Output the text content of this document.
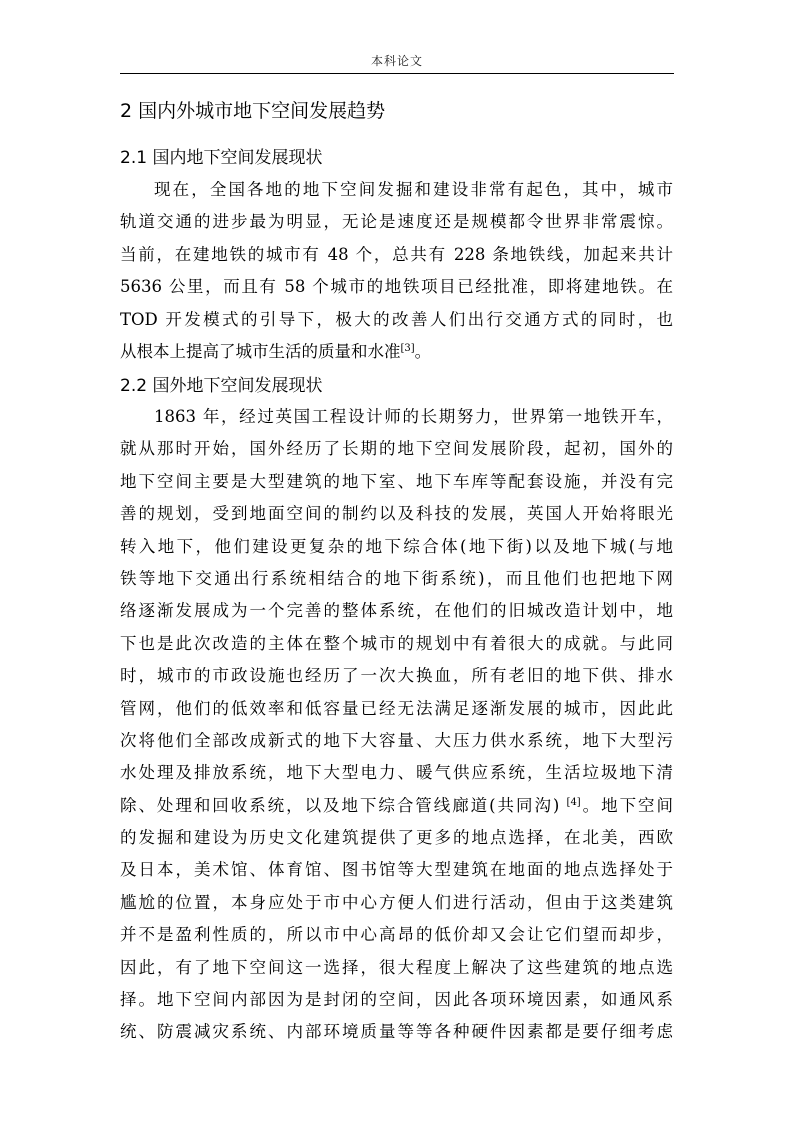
本科论文
2 国内外城市地下空间发展趋势
2.1 国内地下空间发展现状
现在，全国各地的地下空间发掘和建设非常有起色，其中，城市
轨道交通的进步最为明显，无论是速度还是规模都令世界非常震惊。
当前，在建地铁的城市有 48 个，总共有 228 条地铁线，加起来共计
5636 公里，而且有 58 个城市的地铁项目已经批准，即将建地铁。在
TOD 开发模式的引导下，极大的改善人们出行交通方式的同时，也
从根本上提高了城市生活的质量和水准[3]。
2.2 国外地下空间发展现状
1863 年，经过英国工程设计师的长期努力，世界第一地铁开车，
就从那时开始，国外经历了长期的地下空间发展阶段，起初，国外的
地下空间主要是大型建筑的地下室、地下车库等配套设施，并没有完
善的规划，受到地面空间的制约以及科技的发展，英国人开始将眼光
转入地下，他们建设更复杂的地下综合体(地下街)以及地下城(与地
铁等地下交通出行系统相结合的地下街系统)，而且他们也把地下网
络逐渐发展成为一个完善的整体系统，在他们的旧城改造计划中，地
下也是此次改造的主体在整个城市的规划中有着很大的成就。与此同
时，城市的市政设施也经历了一次大换血，所有老旧的地下供、排水
管网，他们的低效率和低容量已经无法满足逐渐发展的城市，因此此
次将他们全部改成新式的地下大容量、大压力供水系统，地下大型污
水处理及排放系统，地下大型电力、暖气供应系统，生活垃圾地下清
除、处理和回收系统，以及地下综合管线廊道(共同沟) [4]。地下空间
的发掘和建设为历史文化建筑提供了更多的地点选择，在北美，西欧
及日本，美术馆、体育馆、图书馆等大型建筑在地面的地点选择处于
尴尬的位置，本身应处于市中心方便人们进行活动，但由于这类建筑
并不是盈利性质的，所以市中心高昂的低价却又会让它们望而却步，
因此，有了地下空间这一选择，很大程度上解决了这些建筑的地点选
择。地下空间内部因为是封闭的空间，因此各项环境因素，如通风系
统、防震减灾系统、内部环境质量等等各种硬件因素都是要仔细考虑
